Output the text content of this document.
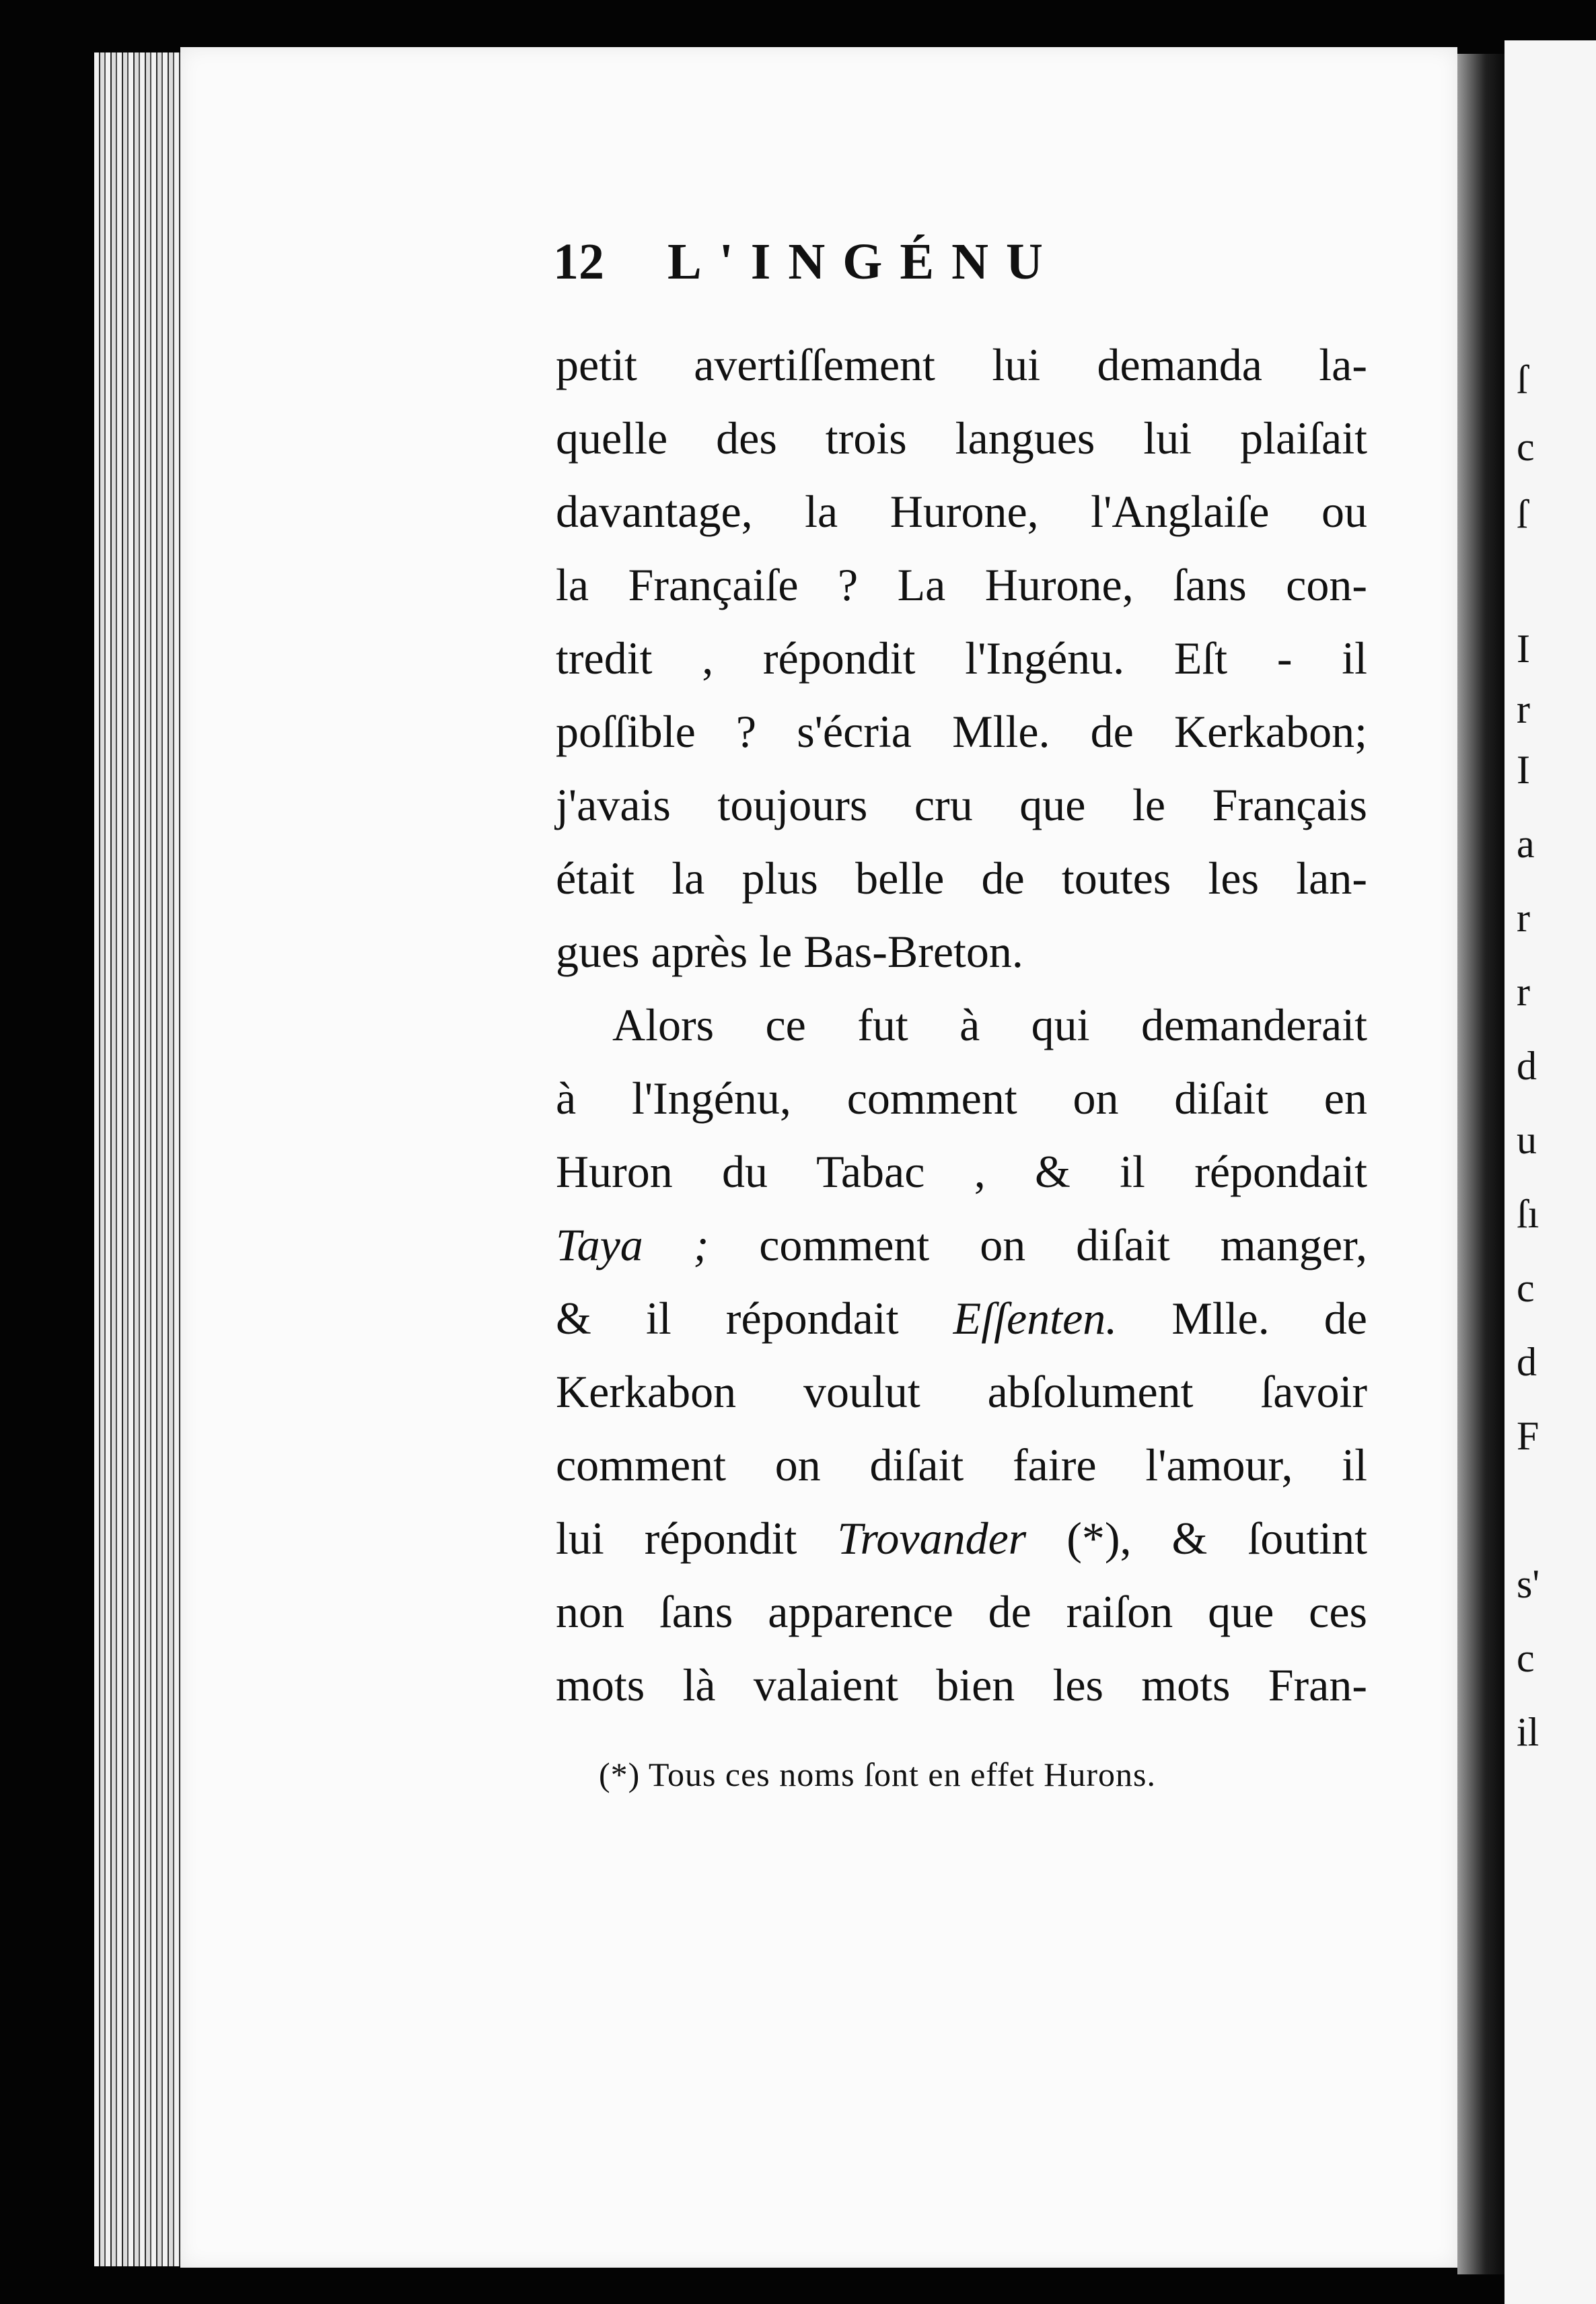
12 L'INGÉNU
petit avertiſſement lui demanda la-
quelle des trois langues lui plaiſait
davantage, la Hurone, l'Anglaiſe ou
la Françaiſe ? La Hurone, ſans con-
tredit , répondit l'Ingénu. Eſt - il
poſſible ? s'écria Mlle. de Kerkabon;
j'avais toujours cru que le Français
était la plus belle de toutes les lan-
gues après le Bas-Breton.
Alors ce fut à qui demanderait
à l'Ingénu, comment on diſait en
Huron du Tabac , & il répondait
Taya ; comment on diſait manger,
& il répondait Eſſenten. Mlle. de
Kerkabon voulut abſolument ſavoir
comment on diſait faire l'amour, il
lui répondit Trovander (*), & ſoutint
non ſans apparence de raiſon que ces
mots là valaient bien les mots Fran-
(*) Tous ces noms ſont en effet Hurons.
ſ
c
ſ
I
r
I
a
r
r
d
u
ſı
c
d
F
s'
c
il
